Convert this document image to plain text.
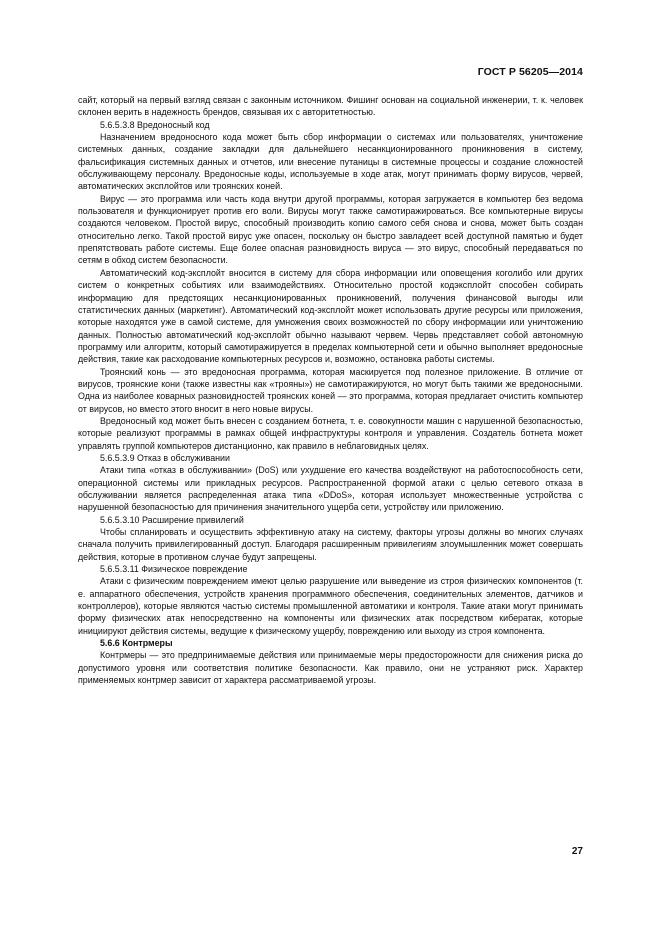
ГОСТ Р 56205—2014

сайт, который на первый взгляд связан с законным источником. Фишинг основан на социальной инженерии, т. к. человек склонен верить в надежность брендов, связывая их с авторитетностью.

5.6.5.3.8 Вредоносный код

Назначением вредоносного кода может быть сбор информации о системах или пользователях, уничтожение системных данных, создание закладки для дальнейшего несанкционированного проникновения в систему, фальсификация системных данных и отчетов, или внесение путаницы в системные процессы и создание сложностей обслуживающему персоналу. Вредоносные коды, используемые в ходе атак, могут принимать форму вирусов, червей, автоматических эксплойтов или троянских коней.

Вирус — это программа или часть кода внутри другой программы, которая загружается в компьютер без ведома пользователя и функционирует против его воли. Вирусы могут также самотиражироваться. Все компьютерные вирусы создаются человеком. Простой вирус, способный производить копию самого себя снова и снова, может быть создан относительно легко. Такой простой вирус уже опасен, поскольку он быстро завладеет всей доступной памятью и будет препятствовать работе системы. Еще более опасная разновидность вируса — это вирус, способный передаваться по сетям в обход систем безопасности.

Автоматический код-эксплойт вносится в систему для сбора информации или оповещения коголибо или других систем о конкретных событиях или взаимодействиях. Относительно простой кодэксплойт способен собирать информацию для предстоящих несанкционированных проникновений, получения финансовой выгоды или статистических данных (маркетинг). Автоматический код-эксплойт может использовать другие ресурсы или приложения, которые находятся уже в самой системе, для умножения своих возможностей по сбору информации или уничтожению данных. Полностью автоматический код-эксплойт обычно называют червем. Червь представляет собой автономную программу или алгоритм, который самотиражируется в пределах компьютерной сети и обычно выполняет вредоносные действия, такие как расходование компьютерных ресурсов и, возможно, остановка работы системы.

Троянский конь — это вредоносная программа, которая маскируется под полезное приложение. В отличие от вирусов, троянские кони (также известны как «трояны») не самотиражируются, но могут быть такими же вредоносными. Одна из наиболее коварных разновидностей троянских коней — это программа, которая предлагает очистить компьютер от вирусов, но вместо этого вносит в него новые вирусы.

Вредоносный код может быть внесен с созданием ботнета, т. е. совокупности машин с нарушенной безопасностью, которые реализуют программы в рамках общей инфраструктуры контроля и управления. Создатель ботнета может управлять группой компьютеров дистанционно, как правило в неблаговидных целях.

5.6.5.3.9 Отказ в обслуживании

Атаки типа «отказ в обслуживании» (DoS) или ухудшение его качества воздействуют на работоспособность сети, операционной системы или прикладных ресурсов. Распространенной формой атаки с целью сетевого отказа в обслуживании является распределенная атака типа «DDoS», которая использует множественные устройства с нарушенной безопасностью для причинения значительного ущерба сети, устройству или приложению.

5.6.5.3.10 Расширение привилегий

Чтобы спланировать и осуществить эффективную атаку на систему, факторы угрозы должны во многих случаях сначала получить привилегированный доступ. Благодаря расширенным привилегиям злоумышленник может совершать действия, которые в противном случае будут запрещены.

5.6.5.3.11 Физическое повреждение

Атаки с физическим повреждением имеют целью разрушение или выведение из строя физических компонентов (т. е. аппаратного обеспечения, устройств хранения программного обеспечения, соединительных элементов, датчиков и контроллеров), которые являются частью системы промышленной автоматики и контроля. Такие атаки могут принимать форму физических атак непосредственно на компоненты или физических атак посредством кибератак, которые инициируют действия системы, ведущие к физическому ущербу, повреждению или выходу из строя компонента.

5.6.6 Контрмеры

Контрмеры — это предпринимаемые действия или принимаемые меры предосторожности для снижения риска до допустимого уровня или соответствия политике безопасности. Как правило, они не устраняют риск. Характер применяемых контрмер зависит от характера рассматриваемой угрозы.

27
